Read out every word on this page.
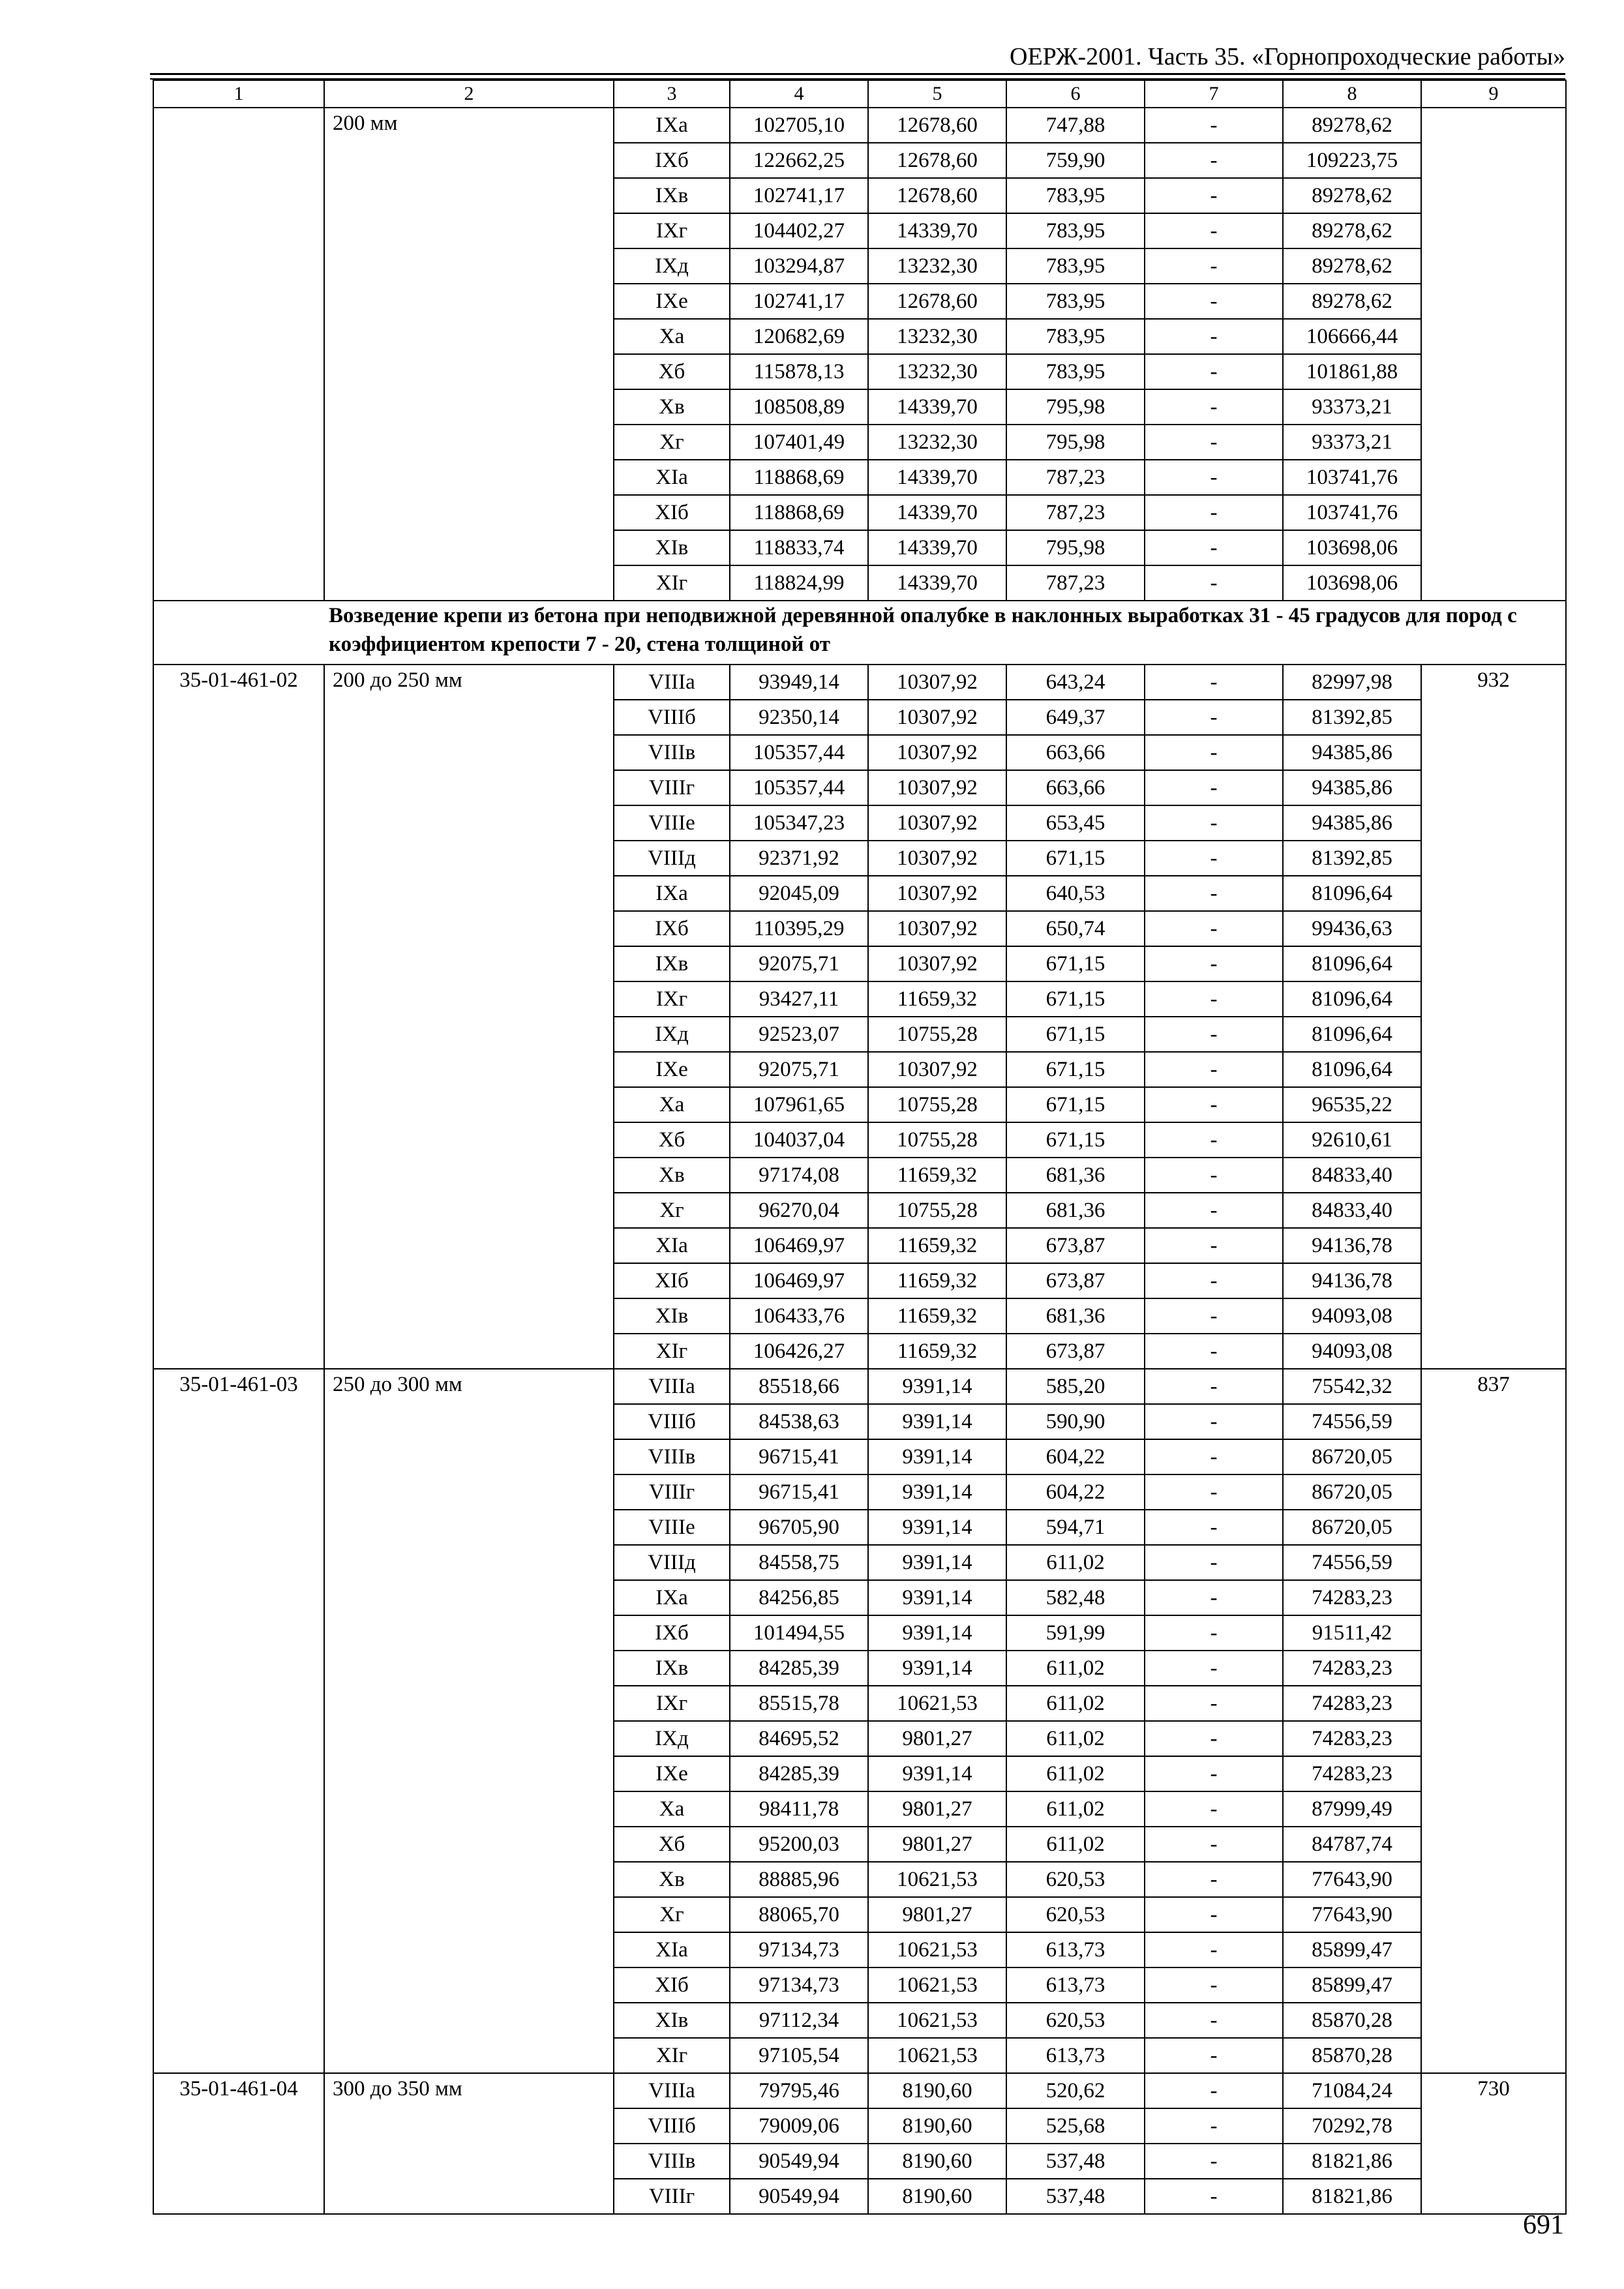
ОЕРЖ-2001. Часть 35. «Горнопроходческие работы»
1	2	3	4	5	6	7	8	9
	200 мм	IXa	102705,10	12678,60	747,88	-	89278,62	
		IXб	122662,25	12678,60	759,90	-	109223,75	
		IXв	102741,17	12678,60	783,95	-	89278,62	
		IXг	104402,27	14339,70	783,95	-	89278,62	
		IXд	103294,87	13232,30	783,95	-	89278,62	
		IXе	102741,17	12678,60	783,95	-	89278,62	
		Xa	120682,69	13232,30	783,95	-	106666,44	
		Xб	115878,13	13232,30	783,95	-	101861,88	
		Xв	108508,89	14339,70	795,98	-	93373,21	
		Xг	107401,49	13232,30	795,98	-	93373,21	
		XIa	118868,69	14339,70	787,23	-	103741,76	
		XIб	118868,69	14339,70	787,23	-	103741,76	
		XIв	118833,74	14339,70	795,98	-	103698,06	
		XIг	118824,99	14339,70	787,23	-	103698,06	
Возведение крепи из бетона при неподвижной деревянной опалубке в наклонных выработках 31 - 45 градусов для пород с коэффициентом крепости 7 - 20, стена толщиной от								
35-01-461-02	200 до 250 мм	VIIIa	93949,14	10307,92	643,24	-	82997,98	932
		VIIIб	92350,14	10307,92	649,37	-	81392,85	
		VIIIв	105357,44	10307,92	663,66	-	94385,86	
		VIIIг	105357,44	10307,92	663,66	-	94385,86	
		VIIIе	105347,23	10307,92	653,45	-	94385,86	
		VIIIд	92371,92	10307,92	671,15	-	81392,85	
		IXa	92045,09	10307,92	640,53	-	81096,64	
		IXб	110395,29	10307,92	650,74	-	99436,63	
		IXв	92075,71	10307,92	671,15	-	81096,64	
		IXг	93427,11	11659,32	671,15	-	81096,64	
		IXд	92523,07	10755,28	671,15	-	81096,64	
		IXе	92075,71	10307,92	671,15	-	81096,64	
		Xa	107961,65	10755,28	671,15	-	96535,22	
		Xб	104037,04	10755,28	671,15	-	92610,61	
		Xв	97174,08	11659,32	681,36	-	84833,40	
		Xг	96270,04	10755,28	681,36	-	84833,40	
		XIa	106469,97	11659,32	673,87	-	94136,78	
		XIб	106469,97	11659,32	673,87	-	94136,78	
		XIв	106433,76	11659,32	681,36	-	94093,08	
		XIг	106426,27	11659,32	673,87	-	94093,08	
35-01-461-03	250 до 300 мм	VIIIa	85518,66	9391,14	585,20	-	75542,32	837
		VIIIб	84538,63	9391,14	590,90	-	74556,59	
		VIIIв	96715,41	9391,14	604,22	-	86720,05	
		VIIIг	96715,41	9391,14	604,22	-	86720,05	
		VIIIе	96705,90	9391,14	594,71	-	86720,05	
		VIIIд	84558,75	9391,14	611,02	-	74556,59	
		IXa	84256,85	9391,14	582,48	-	74283,23	
		IXб	101494,55	9391,14	591,99	-	91511,42	
		IXв	84285,39	9391,14	611,02	-	74283,23	
		IXг	85515,78	10621,53	611,02	-	74283,23	
		IXд	84695,52	9801,27	611,02	-	74283,23	
		IXе	84285,39	9391,14	611,02	-	74283,23	
		Xa	98411,78	9801,27	611,02	-	87999,49	
		Xб	95200,03	9801,27	611,02	-	84787,74	
		Xв	88885,96	10621,53	620,53	-	77643,90	
		Xг	88065,70	9801,27	620,53	-	77643,90	
		XIa	97134,73	10621,53	613,73	-	85899,47	
		XIб	97134,73	10621,53	613,73	-	85899,47	
		XIв	97112,34	10621,53	620,53	-	85870,28	
		XIг	97105,54	10621,53	613,73	-	85870,28	
35-01-461-04	300 до 350 мм	VIIIa	79795,46	8190,60	520,62	-	71084,24	730
		VIIIб	79009,06	8190,60	525,68	-	70292,78	
		VIIIв	90549,94	8190,60	537,48	-	81821,86	
		VIIIг	90549,94	8190,60	537,48	-	81821,86	
691
